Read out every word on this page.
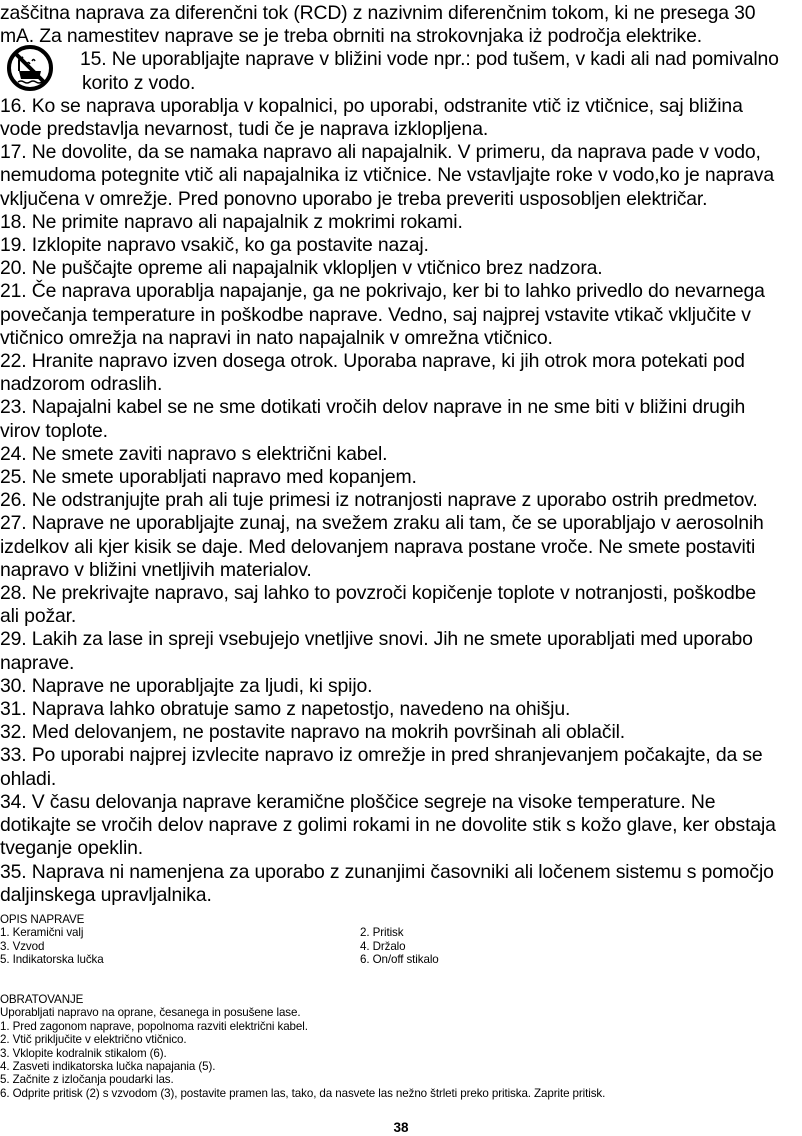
zaščitna naprava za diferenčni tok (RCD) z nazivnim diferenčnim tokom, ki ne presega 30

mA. Za namestitev naprave se je treba obrniti na strokovnjaka iż področja elektrike.

15. Ne uporabljajte naprave v bližini vode npr.: pod tušem, v kadi ali nad pomivalno

korito z vodo.

16. Ko se naprava uporablja v kopalnici, po uporabi, odstranite vtič iz vtičnice, saj bližina

vode predstavlja nevarnost, tudi če je naprava izklopljena.

17. Ne dovolite, da se namaka napravo ali napajalnik. V primeru, da naprava pade v vodo,

nemudoma potegnite vtič ali napajalnika iz vtičnice. Ne vstavljajte roke v vodo,ko je naprava

vključena v omrežje. Pred ponovno uporabo je treba preveriti usposobljen električar.

18. Ne primite napravo ali napajalnik z mokrimi rokami.

19. Izklopite napravo vsakič, ko ga postavite nazaj.

20. Ne puščajte opreme ali napajalnik vklopljen v vtičnico brez nadzora.

21. Če naprava uporablja napajanje, ga ne pokrivajo, ker bi to lahko privedlo do nevarnega

povečanja temperature in poškodbe naprave. Vedno, saj najprej vstavite vtikač vključite v

vtičnico omrežja na napravi in nato napajalnik v omrežna vtičnico.

22. Hranite napravo izven dosega otrok. Uporaba naprave, ki jih otrok mora potekati pod

nadzorom odraslih.

23. Napajalni kabel se ne sme dotikati vročih delov naprave in ne sme biti v bližini drugih

virov toplote.

24. Ne smete zaviti napravo s električni kabel.

25. Ne smete uporabljati napravo med kopanjem.

26. Ne odstranjujte prah ali tuje primesi iz notranjosti naprave z uporabo ostrih predmetov.

27. Naprave ne uporabljajte zunaj, na svežem zraku ali tam, če se uporabljajo v aerosolnih

izdelkov ali kjer kisik se daje. Med delovanjem naprava postane vroče. Ne smete postaviti

napravo v bližini vnetljivih materialov.

28. Ne prekrivajte napravo, saj lahko to povzroči kopičenje toplote v notranjosti, poškodbe

ali požar.

29. Lakih za lase in spreji vsebujejo vnetljive snovi. Jih ne smete uporabljati med uporabo

naprave.

30. Naprave ne uporabljajte za ljudi, ki spijo.

31. Naprava lahko obratuje samo z napetostjo, navedeno na ohišju.

32. Med delovanjem, ne postavite napravo na mokrih površinah ali oblačil.

33. Po uporabi najprej izvlecite napravo iz omrežje in pred shranjevanjem počakajte, da se

ohladi.

34. V času delovanja naprave keramične ploščice segreje na visoke temperature. Ne

dotikajte se vročih delov naprave z golimi rokami in ne dovolite stik s kožo glave, ker obstaja

tveganje opeklin.

35. Naprava ni namenjena za uporabo z zunanjimi časovniki ali ločenem sistemu s pomočjo

daljinskega upravljalnika.

OPIS NAPRAVE
1. Keramični valj	2. Pritisk
3. Vzvod	4. Držalo
5. Indikatorska lučka	6. On/off stikalo
OBRATOVANJE
Uporabljati napravo na oprane, česanega in posušene lase.
1. Pred zagonom naprave, popolnoma razviti električni kabel.
2. Vtič priključite v električno vtičnico.
3. Vklopite kodralnik stikalom (6).
4. Zasveti indikatorska lučka napajania (5).
5. Začnite z izločanja poudarki las.
6. Odprite pritisk (2) s vzvodom (3), postavite pramen las, tako, da nasvete las nežno štrleti preko pritiska. Zaprite pritisk.
38
